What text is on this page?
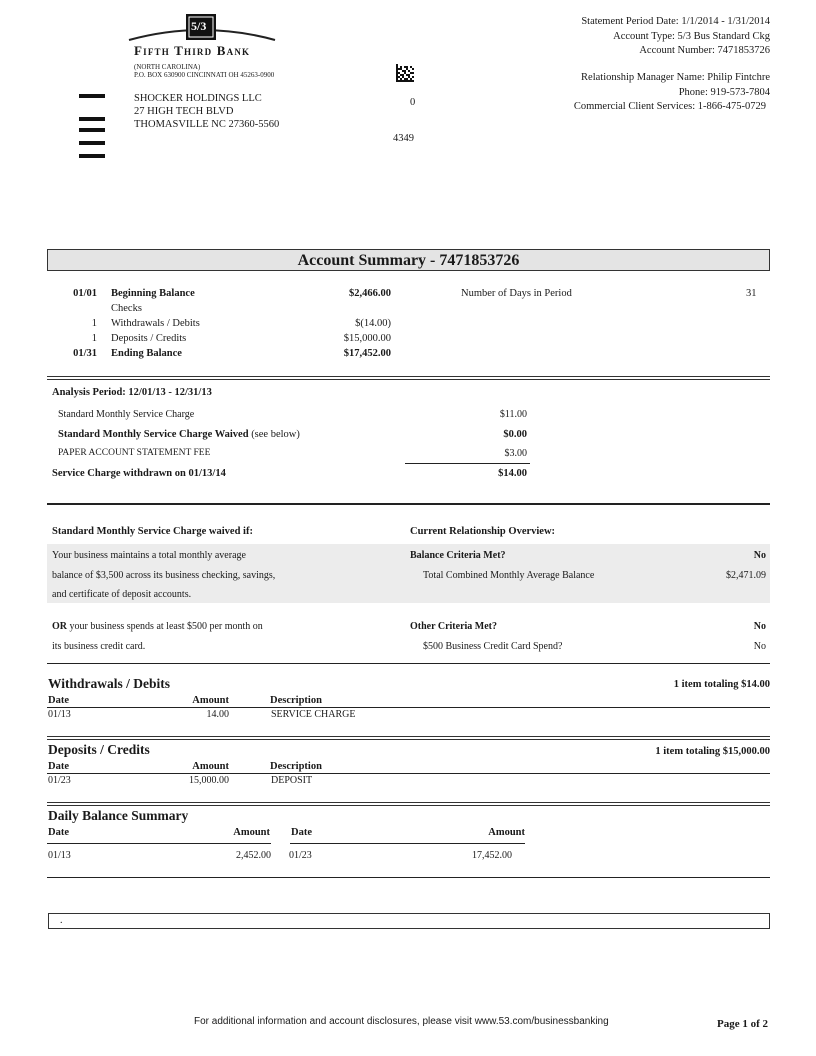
5/3
Fifth Third Bank
(NORTH CAROLINA)
P.O. BOX 630900 CINCINNATI OH 45263-0900
SHOCKER HOLDINGS LLC
27 HIGH TECH BLVD
THOMASVILLE NC 27360-5560
0
4349
Statement Period Date: 1/1/2014 - 1/31/2014
Account Type: 5/3 Bus Standard Ckg
Account Number: 7471853726
Relationship Manager Name: Philip Fintchre
Phone: 919-573-7804
Commercial Client Services: 1-866-475-0729
Account Summary - 7471853726
01/01 Beginning Balance	$2,466.00
Checks
1 Withdrawals / Debits	$(14.00)
1 Deposits / Credits	$15,000.00
01/31 Ending Balance	$17,452.00
Number of Days in Period	31
Analysis Period: 12/01/13 - 12/31/13
Standard Monthly Service Charge	$11.00
Standard Monthly Service Charge Waived (see below)	$0.00
PAPER ACCOUNT STATEMENT FEE	$3.00
Service Charge withdrawn on 01/13/14	$14.00
Standard Monthly Service Charge waived if:	Current Relationship Overview:
Your business maintains a total monthly average
balance of $3,500 across its business checking, savings,
and certificate of deposit accounts.
Balance Criteria Met?	No
Total Combined Monthly Average Balance	$2,471.09
OR your business spends at least $500 per month on
its business credit card.
Other Criteria Met?	No
$500 Business Credit Card Spend?	No
Withdrawals / Debits	1 item totaling $14.00
Date	Amount	Description
01/13	14.00	SERVICE CHARGE
Deposits / Credits	1 item totaling $15,000.00
Date	Amount	Description
01/23	15,000.00	DEPOSIT
Daily Balance Summary
Date	Amount Date	Amount
01/13	2,452.00 01/23	17,452.00
.
For additional information and account disclosures, please visit www.53.com/businessbanking	Page 1 of 2
